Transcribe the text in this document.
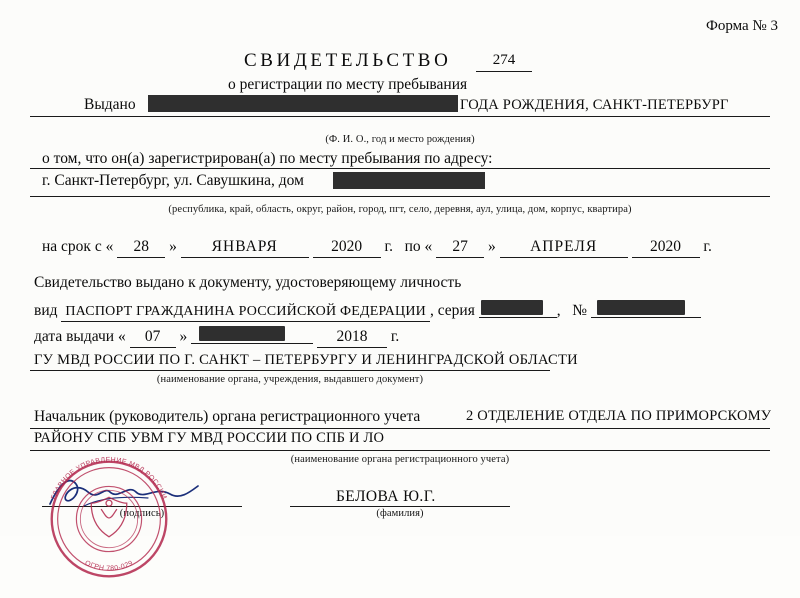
Форма № 3
СВИДЕТЕЛЬСТВО	274
о регистрации по месту пребывания
Выдано	ГОДА РОЖДЕНИЯ, САНКТ-ПЕТЕРБУРГ
(Ф. И. О., год и место рождения)
о том, что он(а) зарегистрирован(а) по месту пребывания по адресу:
г. Санкт-Петербург, ул. Савушкина, дом
(республика, край, область, округ, район, город, пгт, село, деревня, аул, улица, дом, корпус, квартира)
на срок с « 28 » ЯНВАРЯ	2020 г. по « 27 » АПРЕЛЯ	2020 г.
Свидетельство выдано к документу, удостоверяющему личность
вид ПАСПОРТ ГРАЖДАНИНА РОССИЙСКОЙ ФЕДЕРАЦИИ , серия	, №
дата выдачи « 07 »	2018 г.
ГУ МВД РОССИИ ПО Г. САНКТ – ПЕТЕРБУРГУ И ЛЕНИНГРАДСКОЙ ОБЛАСТИ
(наименование органа, учреждения, выдавшего документ)
Начальник (руководитель) органа регистрационного учета	2 ОТДЕЛЕНИЕ ОТДЕЛА ПО ПРИМОРСКОМУ
РАЙОНУ СПБ УВМ ГУ МВД РОССИИ ПО СПБ И ЛО
(наименование органа регистрационного учета)
(подпись)
БЕЛОВА Ю.Г.
(фамилия)
ГЛАВНОЕ УПРАВЛЕНИЕ МВД РОССИИ
ОГРН 780-029
